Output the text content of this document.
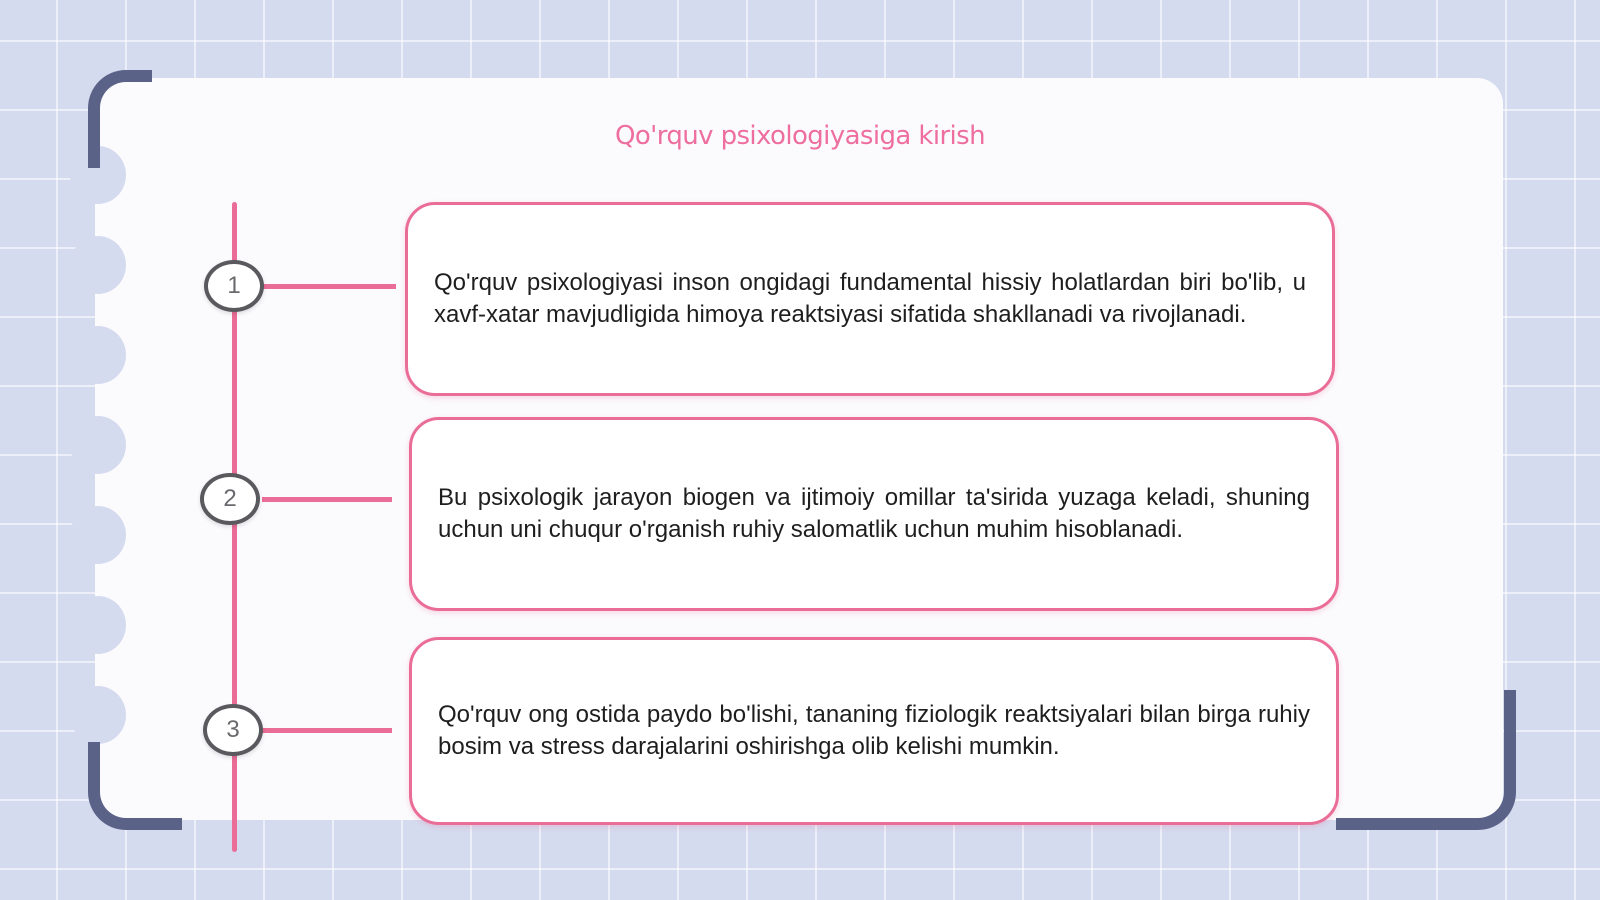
Qo'rquv psixologiyasiga kirish
1	Qo'rquv psixologiyasi inson ongidagi fundamental hissiy holatlardan biri bo'lib, u xavf-xatar mavjudligida himoya reaktsiyasi sifatida shakllanadi va rivojlanadi.

2	Bu psixologik jarayon biogen va ijtimoiy omillar ta'sirida yuzaga keladi, shuning uchun uni chuqur o'rganish ruhiy salomatlik uchun muhim hisoblanadi.

3

Qo'rquv ong ostida paydo bo'lishi, tananing fiziologik reaktsiyalari bilan birga ruhiy bosim va stress darajalarini oshirishga olib kelishi mumkin.
